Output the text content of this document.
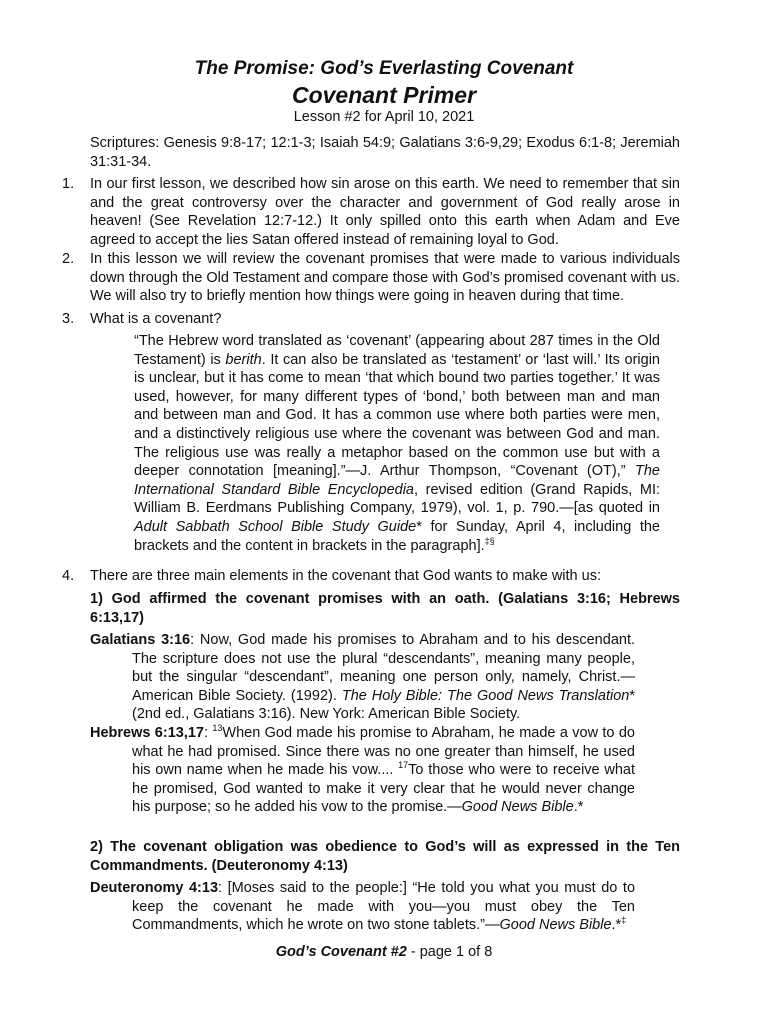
The Promise: God’s Everlasting Covenant
Covenant Primer
Lesson #2 for April 10, 2021
Scriptures: Genesis 9:8-17; 12:1-3; Isaiah 54:9; Galatians 3:6-9,29; Exodus 6:1-8; Jeremiah 31:31-34.
1. In our first lesson, we described how sin arose on this earth. We need to remember that sin and the great controversy over the character and government of God really arose in heaven! (See Revelation 12:7-12.) It only spilled onto this earth when Adam and Eve agreed to accept the lies Satan offered instead of remaining loyal to God.
2. In this lesson we will review the covenant promises that were made to various individuals down through the Old Testament and compare those with God’s promised covenant with us. We will also try to briefly mention how things were going in heaven during that time.
3. What is a covenant?
“The Hebrew word translated as ‘covenant’ (appearing about 287 times in the Old Testament) is berith. It can also be translated as ‘testament’ or ‘last will.’ Its origin is unclear, but it has come to mean ‘that which bound two parties together.’ It was used, however, for many different types of ‘bond,’ both between man and man and between man and God. It has a common use where both parties were men, and a distinctively religious use where the covenant was between God and man. The religious use was really a metaphor based on the common use but with a deeper connotation [meaning].”—J. Arthur Thompson, “Covenant (OT),” The International Standard Bible Encyclopedia, revised edition (Grand Rapids, MI: William B. Eerdmans Publishing Company, 1979), vol. 1, p. 790.—[as quoted in Adult Sabbath School Bible Study Guide* for Sunday, April 4, including the brackets and the content in brackets in the paragraph].‡§
4. There are three main elements in the covenant that God wants to make with us:
1) God affirmed the covenant promises with an oath. (Galatians 3:16; Hebrews 6:13,17)
Galatians 3:16: Now, God made his promises to Abraham and to his descendant. The scripture does not use the plural “descendants”, meaning many people, but the singular “descendant”, meaning one person only, namely, Christ.—American Bible Society. (1992). The Holy Bible: The Good News Translation* (2nd ed., Galatians 3:16). New York: American Bible Society.
Hebrews 6:13,17: $^{13}$When God made his promise to Abraham, he made a vow to do what he had promised. Since there was no one greater than himself, he used his own name when he made his vow.... $^{17}$To those who were to receive what he promised, God wanted to make it very clear that he would never change his purpose; so he added his vow to the promise.—Good News Bible.*
2) The covenant obligation was obedience to God’s will as expressed in the Ten Commandments. (Deuteronomy 4:13)
Deuteronomy 4:13: [Moses said to the people:] “He told you what you must do to keep the covenant he made with you—you must obey the Ten Commandments, which he wrote on two stone tablets.”—Good News Bible.*‡
God’s Covenant #2 - page 1 of 8
